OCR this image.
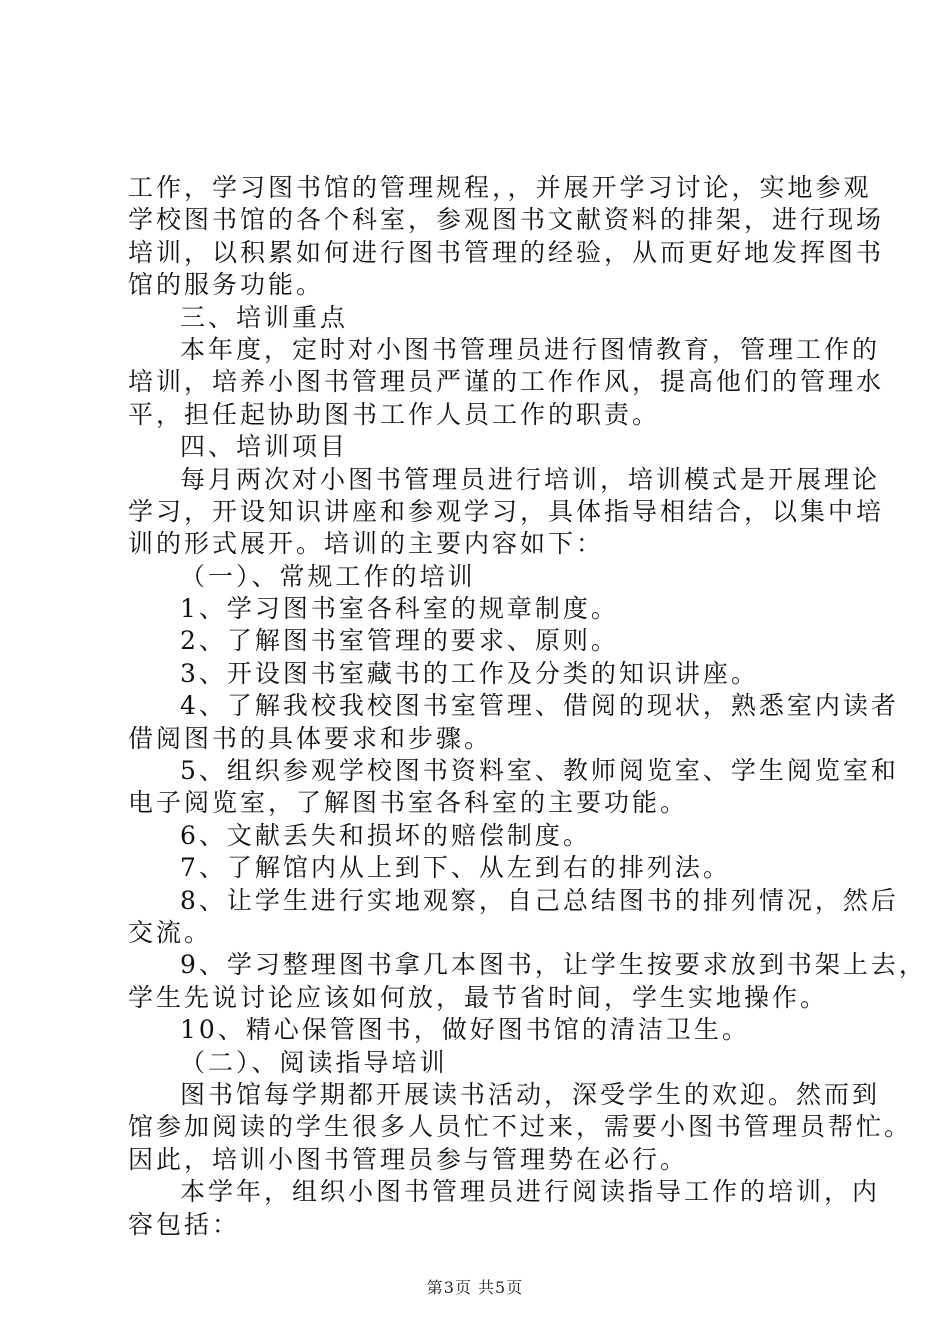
工作，学习图书馆的管理规程，，并展开学习讨论，实地参观
学校图书馆的各个科室，参观图书文献资料的排架，进行现场
培训，以积累如何进行图书管理的经验，从而更好地发挥图书
馆的服务功能。
三、培训重点
本年度，定时对小图书管理员进行图情教育，管理工作的
培训，培养小图书管理员严谨的工作作风，提高他们的管理水
平，担任起协助图书工作人员工作的职责。
四、培训项目
每月两次对小图书管理员进行培训，培训模式是开展理论
学习，开设知识讲座和参观学习，具体指导相结合，以集中培
训的形式展开。培训的主要内容如下：
（一）、常规工作的培训
1、学习图书室各科室的规章制度。
2、了解图书室管理的要求、原则。
3、开设图书室藏书的工作及分类的知识讲座。
4、了解我校我校图书室管理、借阅的现状，熟悉室内读者
借阅图书的具体要求和步骤。
5、组织参观学校图书资料室、教师阅览室、学生阅览室和
电子阅览室，了解图书室各科室的主要功能。
6、文献丢失和损坏的赔偿制度。
7、了解馆内从上到下、从左到右的排列法。
8、让学生进行实地观察，自己总结图书的排列情况，然后
交流。
9、学习整理图书拿几本图书，让学生按要求放到书架上去，
学生先说讨论应该如何放，最节省时间，学生实地操作。
10、精心保管图书，做好图书馆的清洁卫生。
（二）、阅读指导培训
图书馆每学期都开展读书活动，深受学生的欢迎。然而到
馆参加阅读的学生很多人员忙不过来，需要小图书管理员帮忙。
因此，培训小图书管理员参与管理势在必行。
本学年，组织小图书管理员进行阅读指导工作的培训，内
容包括：
第3页 共5页
